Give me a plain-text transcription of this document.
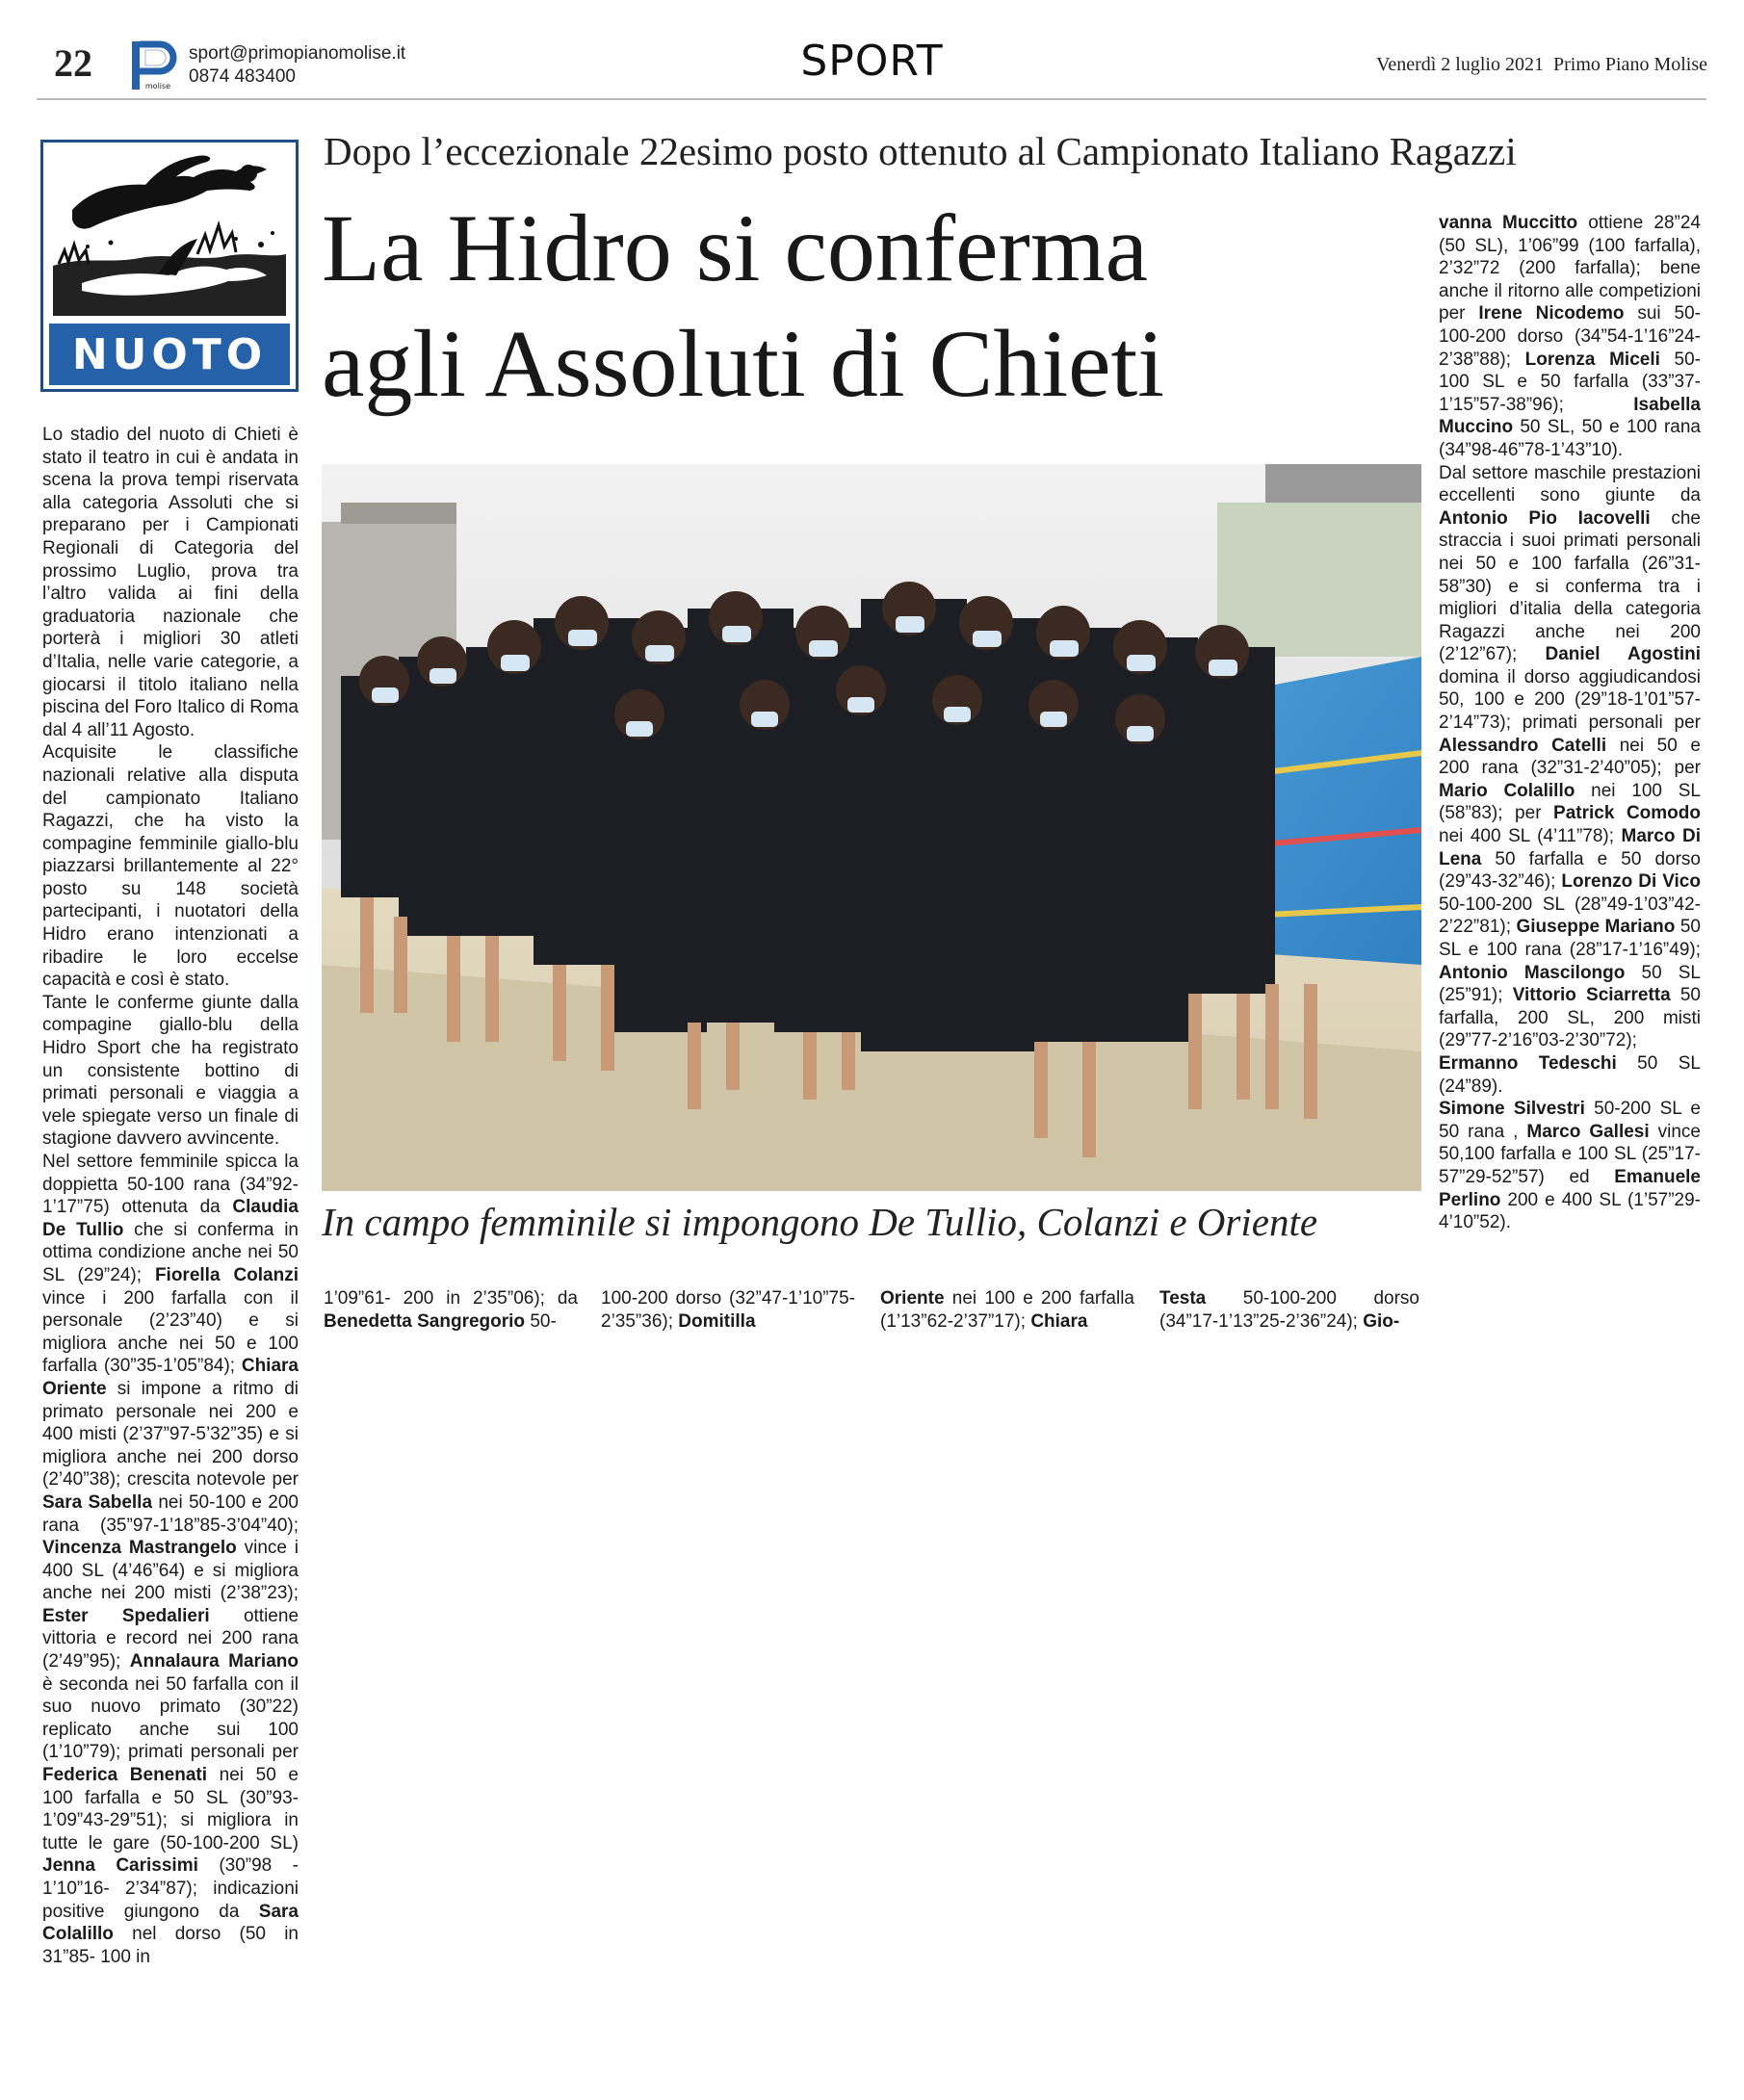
22
molise
sport@primopianomolise.it
0874 483400	SPORT	Venerdì 2 luglio 2021 Primo Piano Molise
NUOTO
Dopo l’eccezionale 22esimo posto ottenuto al Campionato Italiano Ragazzi
La Hidro si conferma
agli Assoluti di Chieti
In campo femminile si impongono De Tullio, Colanzi e Oriente
Lo stadio del nuoto di Chieti è stato il teatro in cui è andata in scena la prova tempi riservata alla categoria Assoluti che si preparano per i Campionati Regionali di Categoria del prossimo Luglio, prova tra l’altro valida ai fini della graduatoria nazionale che porterà i migliori 30 atleti d’Italia, nelle varie categorie, a giocarsi il titolo italiano nella piscina del Foro Italico di Roma dal 4 all’11 Agosto.
Acquisite le classifiche nazionali relative alla disputa del campionato Italiano Ragazzi, che ha visto la compagine femminile giallo-blu piazzarsi brillantemente al 22° posto su 148 società partecipanti, i nuotatori della Hidro erano intenzionati a ribadire le loro eccelse capacità e così è stato.
Tante le conferme giunte dalla compagine giallo-blu della Hidro Sport che ha registrato un consistente bottino di primati personali e viaggia a vele spiegate verso un finale di stagione davvero avvincente.
Nel settore femminile spicca la doppietta 50-100 rana (34”92-1’17”75) ottenuta da Claudia De Tullio che si conferma in ottima condizione anche nei 50 SL (29”24); Fiorella Colanzi vince i 200 farfalla con il personale (2’23”40) e si migliora anche nei 50 e 100 farfalla (30”35-1’05”84); Chiara Oriente si impone a ritmo di primato personale nei 200 e 400 misti (2’37”97-5’32”35) e si migliora anche nei 200 dorso (2’40”38); crescita notevole per Sara Sabella nei 50-100 e 200 rana (35”97-1’18”85-3’04”40); Vincenza Mastrangelo vince i 400 SL (4’46”64) e si migliora anche nei 200 misti (2’38”23); Ester Spedalieri ottiene vittoria e record nei 200 rana (2’49”95); Annalaura Mariano è seconda nei 50 farfalla con il suo nuovo primato (30”22) replicato anche sui 100 (1’10”79); primati personali per Federica Benenati nei 50 e 100 farfalla e 50 SL (30”93-1’09”43-29”51); si migliora in tutte le gare (50-100-200 SL) Jenna Carissimi (30”98 - 1’10”16- 2’34”87); indicazioni positive giungono da Sara Colalillo nel dorso (50 in 31”85- 100 in
1’09”61- 200 in 2’35”06); da Benedetta Sangregorio 50-
100-200 dorso (32”47-1’10”75-2’35”36); Domitilla
Oriente nei 100 e 200 farfalla (1’13”62-2’37”17); Chiara
Testa 50-100-200 dorso (34”17-1’13”25-2’36”24); Gio-
vanna Muccitto ottiene 28”24 (50 SL), 1’06”99 (100 farfalla), 2’32”72 (200 farfalla); bene anche il ritorno alle competizioni per Irene Nicodemo sui 50-100-200 dorso (34”54-1’16”24-2’38”88); Lorenza Miceli 50-100 SL e 50 farfalla (33”37-1’15”57-38”96); Isabella Muccino 50 SL, 50 e 100 rana (34”98-46”78-1’43”10).
Dal settore maschile prestazioni eccellenti sono giunte da Antonio Pio Iacovelli che straccia i suoi primati personali nei 50 e 100 farfalla (26”31-58”30) e si conferma tra i migliori d’italia della categoria Ragazzi anche nei 200 (2’12”67); Daniel Agostini domina il dorso aggiudicandosi 50, 100 e 200 (29”18-1’01”57-2’14”73); primati personali per Alessandro Catelli nei 50 e 200 rana (32”31-2’40”05); per Mario Colalillo nei 100 SL (58”83); per Patrick Comodo nei 400 SL (4’11”78); Marco Di Lena 50 farfalla e 50 dorso (29”43-32”46); Lorenzo Di Vico 50-100-200 SL (28”49-1’03”42-2’22”81); Giuseppe Mariano 50 SL e 100 rana (28”17-1’16”49); Antonio Mascilongo 50 SL (25”91); Vittorio Sciarretta 50 farfalla, 200 SL, 200 misti (29”77-2’16”03-2’30”72); Ermanno Tedeschi 50 SL (24”89).
Simone Silvestri 50-200 SL e 50 rana , Marco Gallesi vince 50,100 farfalla e 100 SL (25”17-57”29-52”57) ed Emanuele Perlino 200 e 400 SL (1’57”29-4’10”52).
